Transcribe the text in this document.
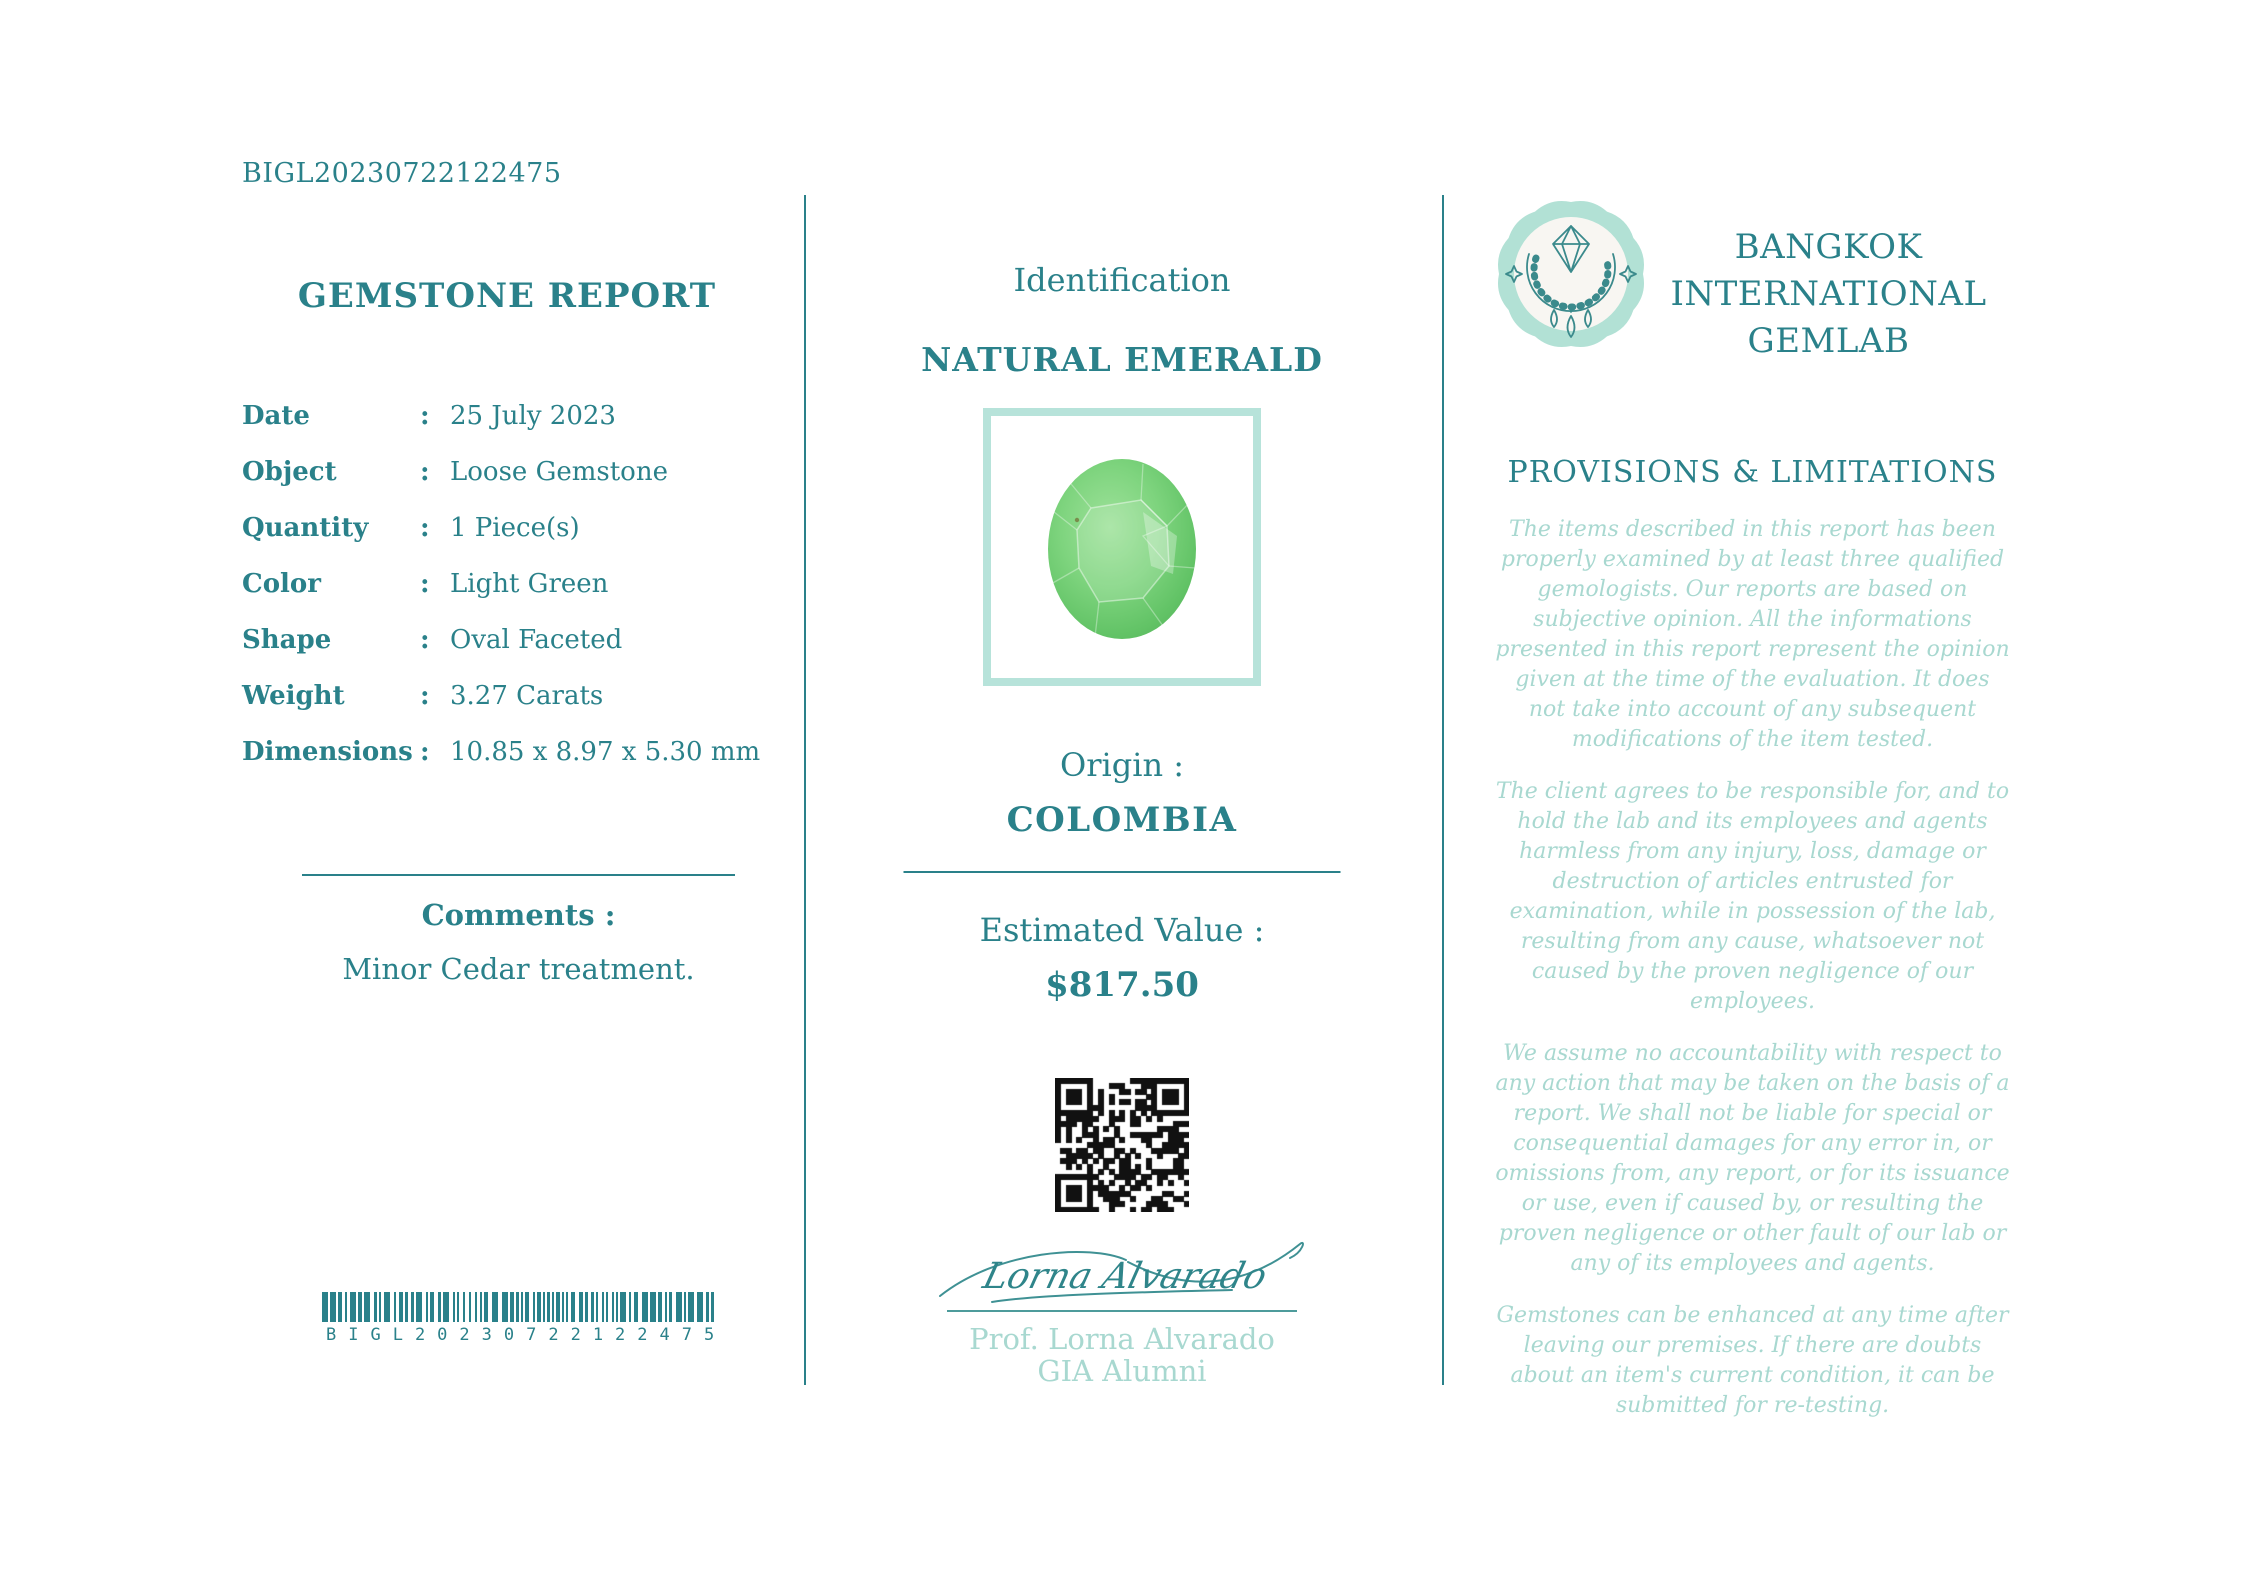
BIGL20230722122475
GEMSTONE REPORT
Date	: 25 July 2023
Object	: Loose Gemstone
Quantity	: 1 Piece(s)
Color	: Light Green
Shape	: Oval Faceted
Weight	: 3.27 Carats
Dimensions : 10.85 x 8.97 x 5.30 mm
Comments :
Minor Cedar treatment.
BIGL20230722122475
Identification
NATURAL EMERALD
Origin :
COLOMBIA
Estimated Value :
$817.50
Lorna Alvarado
Prof. Lorna Alvarado
GIA Alumni
BANGKOK INTERNATIONAL GEMLAB
PROVISIONS & LIMITATIONS

The items described in this report has been properly examined by at least three qualified gemologists. Our reports are based on subjective opinion. All the informations presented in this report represent the opinion given at the time of the evaluation. It does not take into account of any subsequent modifications of the item tested.

The client agrees to be responsible for, and to hold the lab and its employees and agents harmless from any injury, loss, damage or destruction of articles entrusted for examination, while in possession of the lab, resulting from any cause, whatsoever not caused by the proven negligence of our employees.

We assume no accountability with respect to any action that may be taken on the basis of a report. We shall not be liable for special or consequential damages for any error in, or omissions from, any report, or for its issuance or use, even if caused by, or resulting the proven negligence or other fault of our lab or any of its employees and agents.

Gemstones can be enhanced at any time after leaving our premises. If there are doubts about an item's current condition, it can be submitted for re-testing.
